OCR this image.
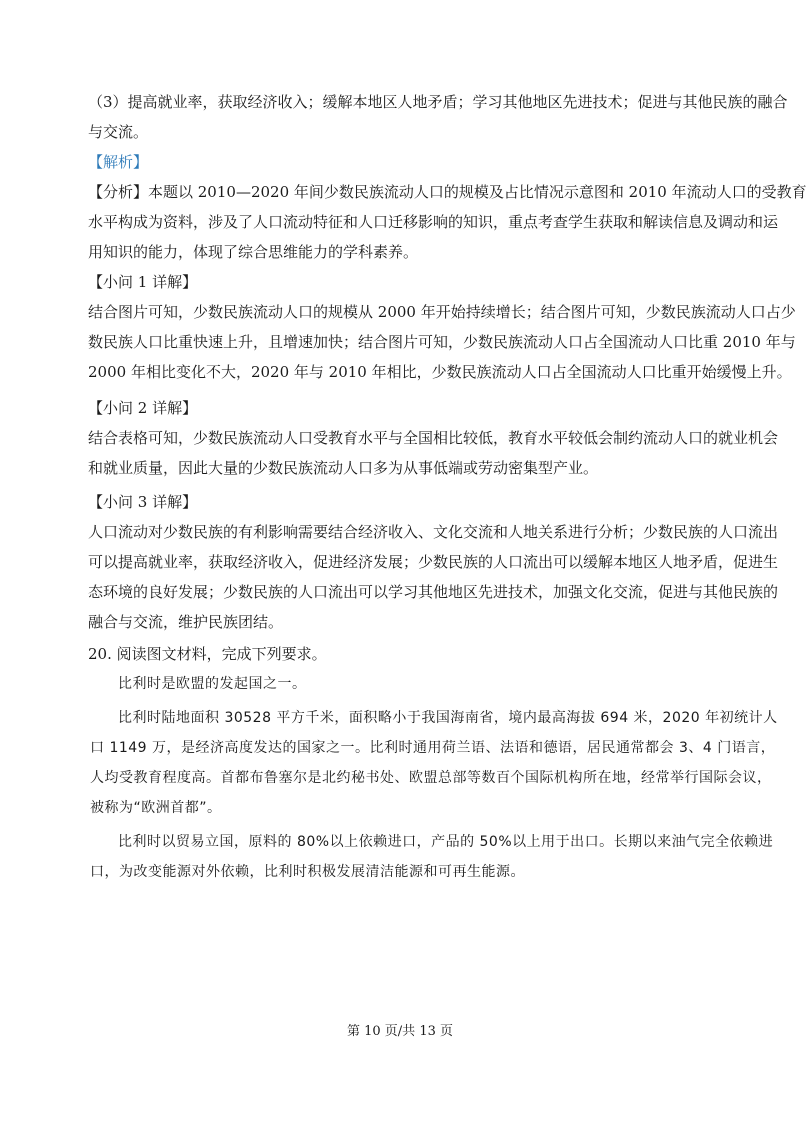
（3）提高就业率，获取经济收入；缓解本地区人地矛盾；学习其他地区先进技术；促进与其他民族的融合

与交流。

【解析】

【分析】本题以 2010—2020 年间少数民族流动人口的规模及占比情况示意图和 2010 年流动人口的受教育

水平构成为资料，涉及了人口流动特征和人口迁移影响的知识，重点考查学生获取和解读信息及调动和运

用知识的能力，体现了综合思维能力的学科素养。

【小问 1 详解】

结合图片可知，少数民族流动人口的规模从 2000 年开始持续增长；结合图片可知，少数民族流动人口占少

数民族人口比重快速上升，且增速加快；结合图片可知，少数民族流动人口占全国流动人口比重 2010 年与

2000 年相比变化不大，2020 年与 2010 年相比，少数民族流动人口占全国流动人口比重开始缓慢上升。

【小问 2 详解】

结合表格可知，少数民族流动人口受教育水平与全国相比较低，教育水平较低会制约流动人口的就业机会

和就业质量，因此大量的少数民族流动人口多为从事低端或劳动密集型产业。

【小问 3 详解】

人口流动对少数民族的有利影响需要结合经济收入、文化交流和人地关系进行分析；少数民族的人口流出

可以提高就业率，获取经济收入，促进经济发展；少数民族的人口流出可以缓解本地区人地矛盾，促进生

态环境的良好发展；少数民族的人口流出可以学习其他地区先进技术，加强文化交流，促进与其他民族的

融合与交流，维护民族团结。

20. 阅读图文材料，完成下列要求。

比利时是欧盟的发起国之一。

比利时陆地面积 30528 平方千米，面积略小于我国海南省，境内最高海拔 694 米，2020 年初统计人

口 1149 万，是经济高度发达的国家之一。比利时通用荷兰语、法语和德语，居民通常都会 3、4 门语言，

人均受教育程度高。首都布鲁塞尔是北约秘书处、欧盟总部等数百个国际机构所在地，经常举行国际会议，

被称为“欧洲首都”。

比利时以贸易立国，原料的 80%以上依赖进口，产品的 50%以上用于出口。长期以来油气完全依赖进

口，为改变能源对外依赖，比利时积极发展清洁能源和可再生能源。

第 10 页/共 13 页
